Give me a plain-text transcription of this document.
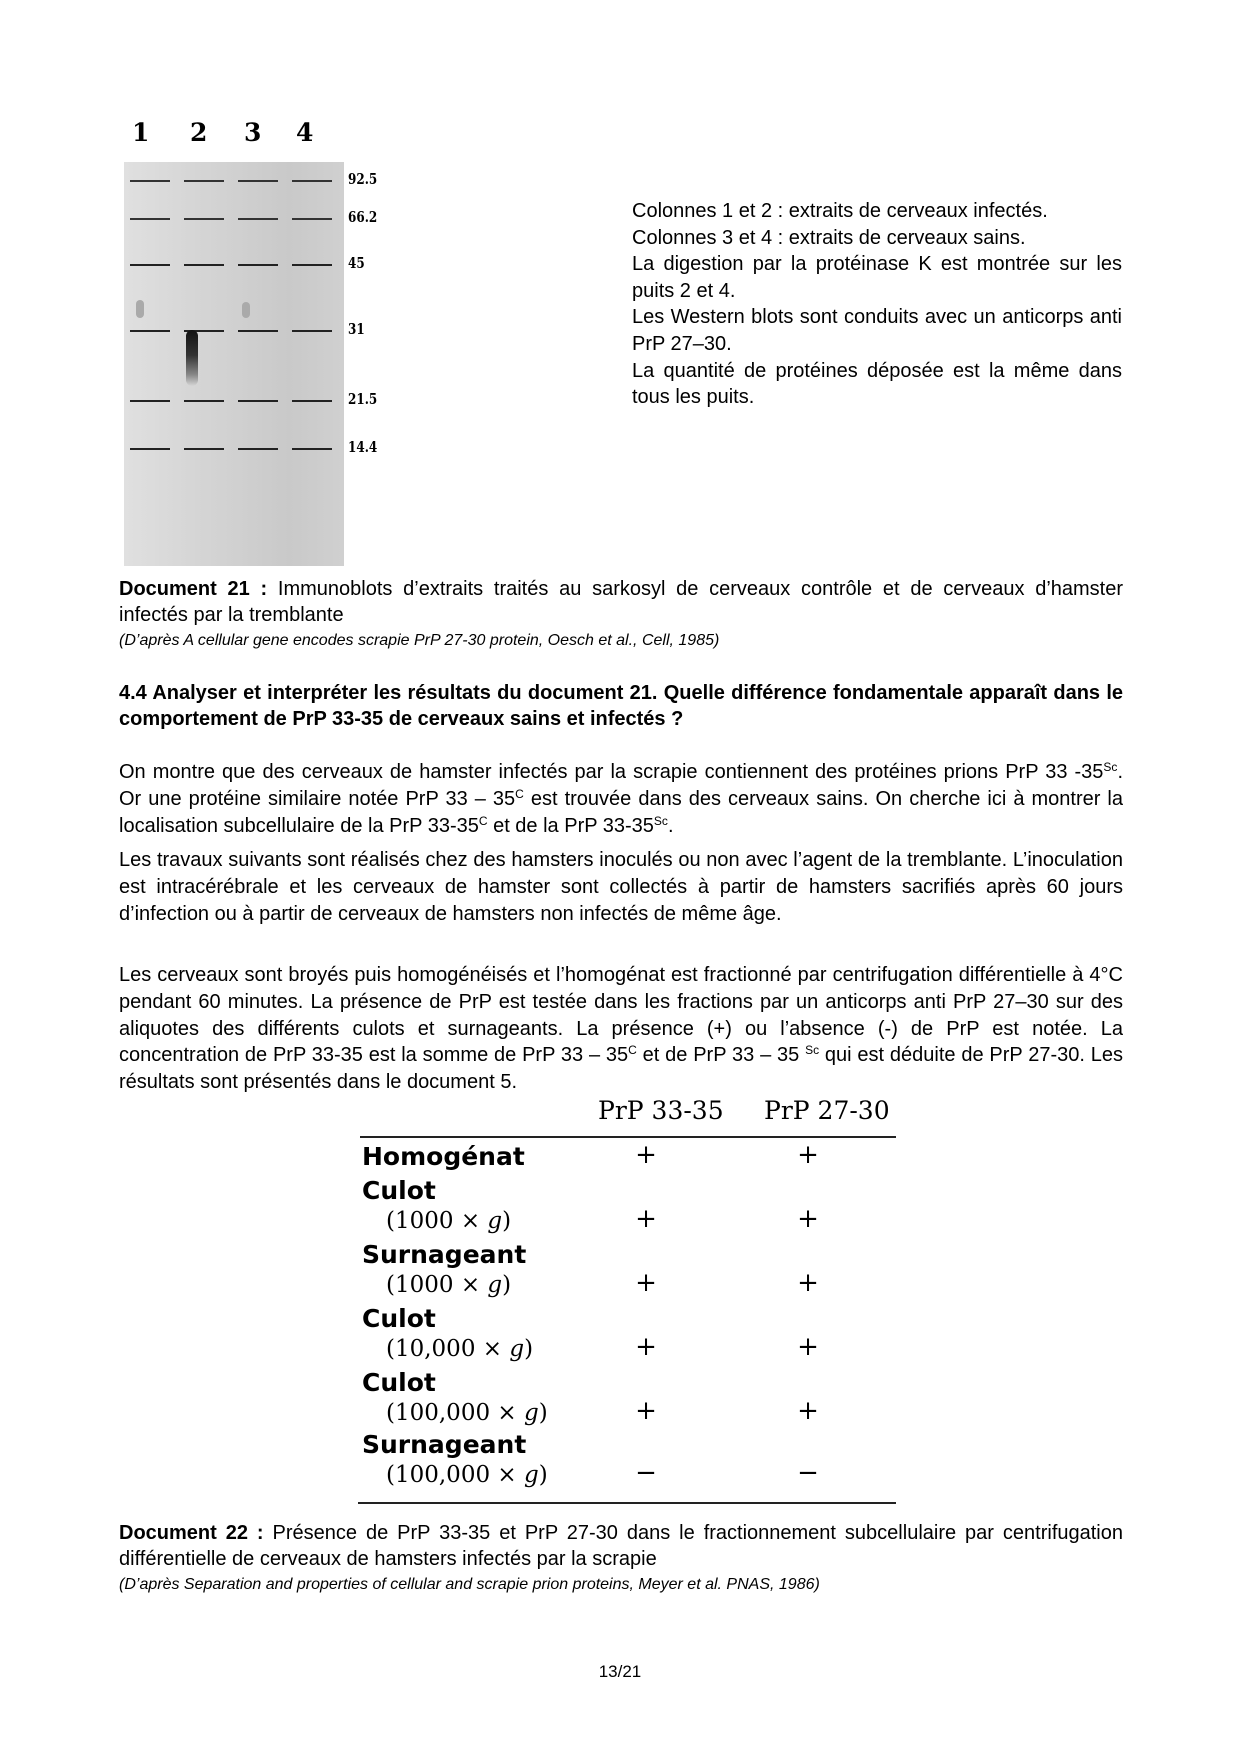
1 2 3 4
92.5
66.2
45
31
21.5
14.4

Colonnes 1 et 2 : extraits de cerveaux infectés.

Colonnes 3 et 4 : extraits de cerveaux sains.

La digestion par la protéinase K est montrée sur les puits 2 et 4.

Les Western blots sont conduits avec un anticorps anti PrP 27–30.

La quantité de protéines déposée est la même dans tous les puits.

Document 21 : Immunoblots d’extraits traités au sarkosyl de cerveaux contrôle et de cerveaux d’hamster infectés par la tremblante
(D’après A cellular gene encodes scrapie PrP 27-30 protein, Oesch et al., Cell, 1985)
4.4 Analyser et interpréter les résultats du document 21. Quelle différence fondamentale apparaît dans le comportement de PrP 33-35 de cerveaux sains et infectés ?

On montre que des cerveaux de hamster infectés par la scrapie contiennent des protéines prions PrP 33 $-35^{Sc}$. Or une protéine similaire notée PrP $33 - 35^C$ est trouvée dans des cerveaux sains. On cherche ici à montrer la localisation subcellulaire de la PrP $33-35^C$ et de la PrP $33-35^{Sc}$.

Les travaux suivants sont réalisés chez des hamsters inoculés ou non avec l’agent de la tremblante. L’inoculation est intracérébrale et les cerveaux de hamster sont collectés à partir de hamsters sacrifiés après 60 jours d’infection ou à partir de cerveaux de hamsters non infectés de même âge.

Les cerveaux sont broyés puis homogénéisés et l’homogénat est fractionné par centrifugation différentielle à 4°C pendant 60 minutes. La présence de PrP est testée dans les fractions par un anticorps anti PrP 27–30 sur des aliquotes des différents culots et surnageants. La présence (+) ou l’absence (-) de PrP est notée. La concentration de PrP 33-35 est la somme de PrP $33 - 35^C$ et de PrP 33 – 35 $^{Sc}$ qui est déduite de PrP 27-30. Les résultats sont présentés dans le document 5.

PrP 33-35 PrP 27-30
Homogénat	+	+
Culot
(1000 × g)	+	+
Surnageant
(1000 × g)	+	+
Culot
(10,000 × g)	+	+
Culot
(100,000 × g)	+	+
Surnageant
(100,000 × g)	−	−
Document 22 : Présence de PrP 33-35 et PrP 27-30 dans le fractionnement subcellulaire par centrifugation différentielle de cerveaux de hamsters infectés par la scrapie
(D’après Separation and properties of cellular and scrapie prion proteins, Meyer et al. PNAS, 1986)
13/21
